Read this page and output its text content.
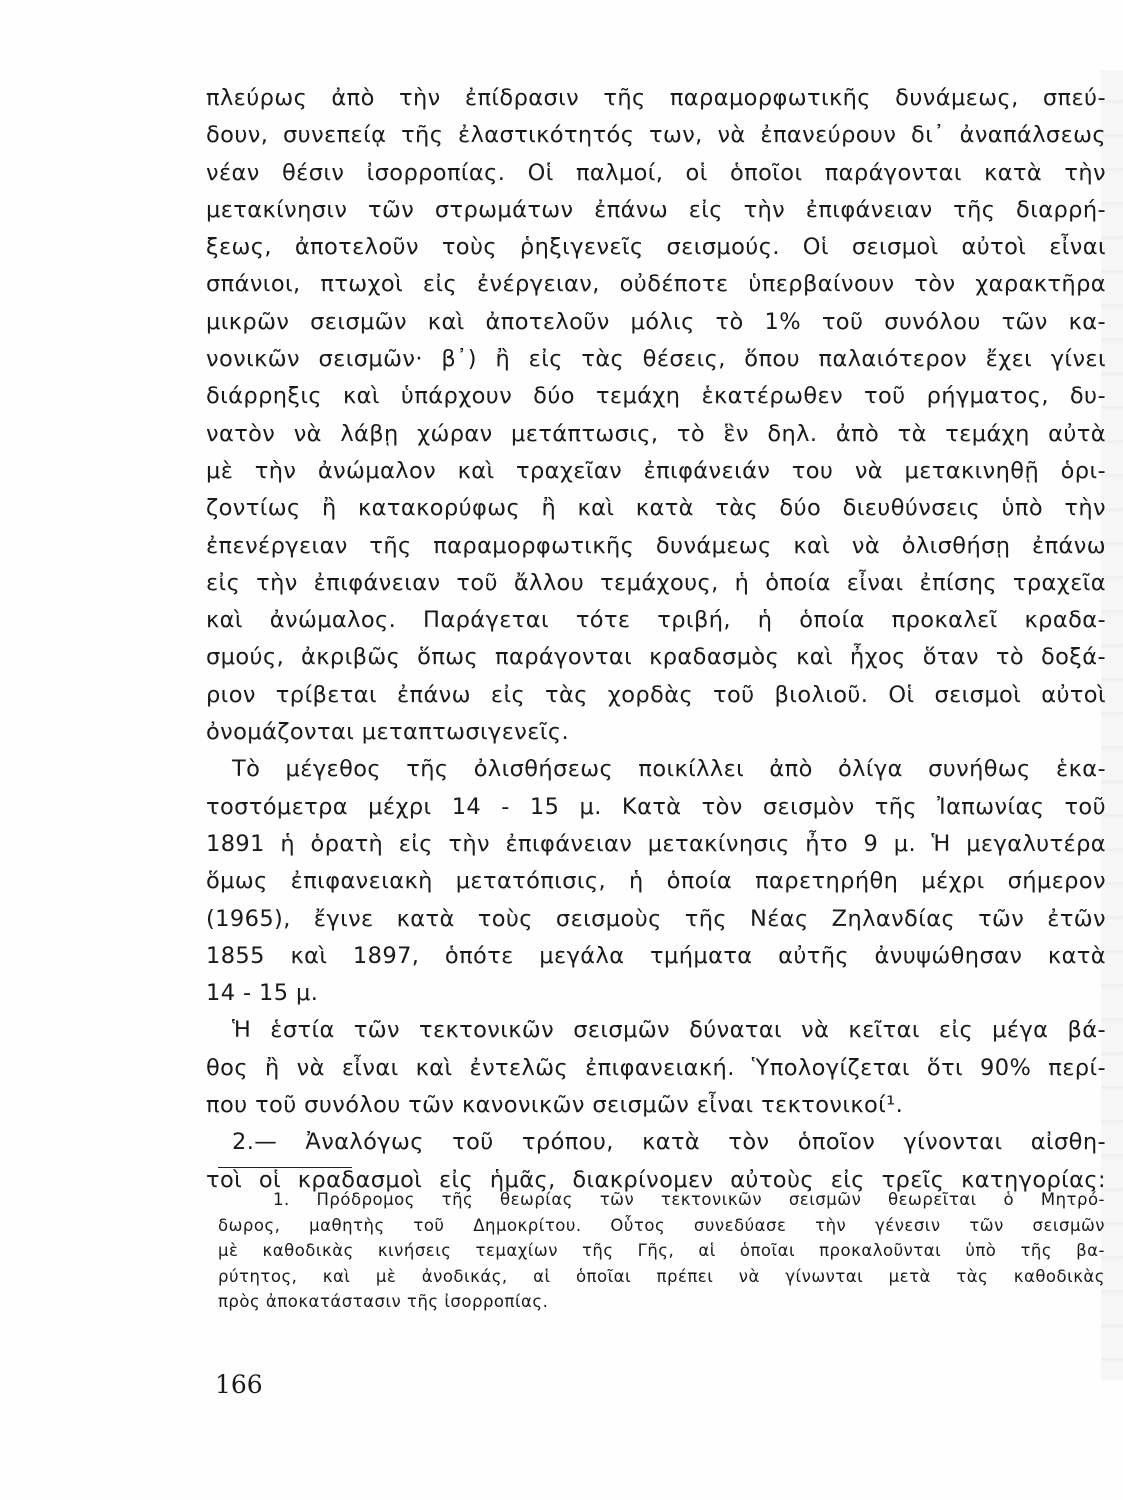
πλεύρως ἀπὸ τὴν ἐπίδρασιν τῆς παραμορφωτικῆς δυνάμεως, σπεύ-
δουν, συνεπείᾳ τῆς ἐλαστικότητός των, νὰ ἐπανεύρουν δι᾽ ἀναπάλσεως
νέαν θέσιν ἰσορροπίας. Οἱ παλμοί, οἱ ὁποῖοι παράγονται κατὰ τὴν
μετακίνησιν τῶν στρωμάτων ἐπάνω εἰς τὴν ἐπιφάνειαν τῆς διαρρή-
ξεως, ἀποτελοῦν τοὺς ῥηξιγενεῖς σεισμούς. Οἱ σεισμοὶ αὐτοὶ εἶναι
σπάνιοι, πτωχοὶ εἰς ἐνέργειαν, οὐδέποτε ὑπερβαίνουν τὸν χαρακτῆρα
μικρῶν σεισμῶν καὶ ἀποτελοῦν μόλις τὸ 1% τοῦ συνόλου τῶν κα-
νονικῶν σεισμῶν· β᾽) ἢ εἰς τὰς θέσεις, ὅπου παλαιότερον ἔχει γίνει
διάρρηξις καὶ ὑπάρχουν δύο τεμάχη ἑκατέρωθεν τοῦ ρήγματος, δυ-
νατὸν νὰ λάβῃ χώραν μετάπτωσις, τὸ ἓν δηλ. ἀπὸ τὰ τεμάχη αὐτὰ
μὲ τὴν ἀνώμαλον καὶ τραχεῖαν ἐπιφάνειάν του νὰ μετακινηθῇ ὁρι-
ζοντίως ἢ κατακορύφως ἢ καὶ κατὰ τὰς δύο διευθύνσεις ὑπὸ τὴν
ἐπενέργειαν τῆς παραμορφωτικῆς δυνάμεως καὶ νὰ ὀλισθήσῃ ἐπάνω
εἰς τὴν ἐπιφάνειαν τοῦ ἄλλου τεμάχους, ἡ ὁποία εἶναι ἐπίσης τραχεῖα
καὶ ἀνώμαλος. Παράγεται τότε τριβή, ἡ ὁποία προκαλεῖ κραδα-
σμούς, ἀκριβῶς ὅπως παράγονται κραδασμὸς καὶ ἦχος ὅταν τὸ δοξά-
ριον τρίβεται ἐπάνω εἰς τὰς χορδὰς τοῦ βιολιοῦ. Οἱ σεισμοὶ αὐτοὶ
ὀνομάζονται μεταπτωσιγενεῖς.
Τὸ μέγεθος τῆς ὀλισθήσεως ποικίλλει ἀπὸ ὀλίγα συνήθως ἑκα-
τοστόμετρα μέχρι 14 - 15 μ. Κατὰ τὸν σεισμὸν τῆς Ἰαπωνίας τοῦ
1891 ἡ ὁρατὴ εἰς τὴν ἐπιφάνειαν μετακίνησις ἦτο 9 μ. Ἡ μεγαλυτέρα
ὅμως ἐπιφανειακὴ μετατόπισις, ἡ ὁποία παρετηρήθη μέχρι σήμερον
(1965), ἔγινε κατὰ τοὺς σεισμοὺς τῆς Νέας Ζηλανδίας τῶν ἐτῶν
1855 καὶ 1897, ὁπότε μεγάλα τμήματα αὐτῆς ἀνυψώθησαν κατὰ
14 - 15 μ.
Ἡ ἑστία τῶν τεκτονικῶν σεισμῶν δύναται νὰ κεῖται εἰς μέγα βά-
θος ἢ νὰ εἶναι καὶ ἐντελῶς ἐπιφανειακή. Ὑπολογίζεται ὅτι 90% περί-
που τοῦ συνόλου τῶν κανονικῶν σεισμῶν εἶναι τεκτονικοί¹.
2.— Ἀναλόγως τοῦ τρόπου, κατὰ τὸν ὁποῖον γίνονται αἰσθη-
τοὶ οἱ κραδασμοὶ εἰς ἡμᾶς, διακρίνομεν αὐτοὺς εἰς τρεῖς κατηγορίας:
1. Πρόδρομος τῆς θεωρίας τῶν τεκτονικῶν σεισμῶν θεωρεῖται ὁ Μητρό-
δωρος, μαθητὴς τοῦ Δημοκρίτου. Οὗτος συνεδύασε τὴν γένεσιν τῶν σεισμῶν
μὲ καθοδικὰς κινήσεις τεμαχίων τῆς Γῆς, αἱ ὁποῖαι προκαλοῦνται ὑπὸ τῆς βα-
ρύτητος, καὶ μὲ ἀνοδικάς, αἱ ὁποῖαι πρέπει νὰ γίνωνται μετὰ τὰς καθοδικὰς
πρὸς ἀποκατάστασιν τῆς ἰσορροπίας.
166
